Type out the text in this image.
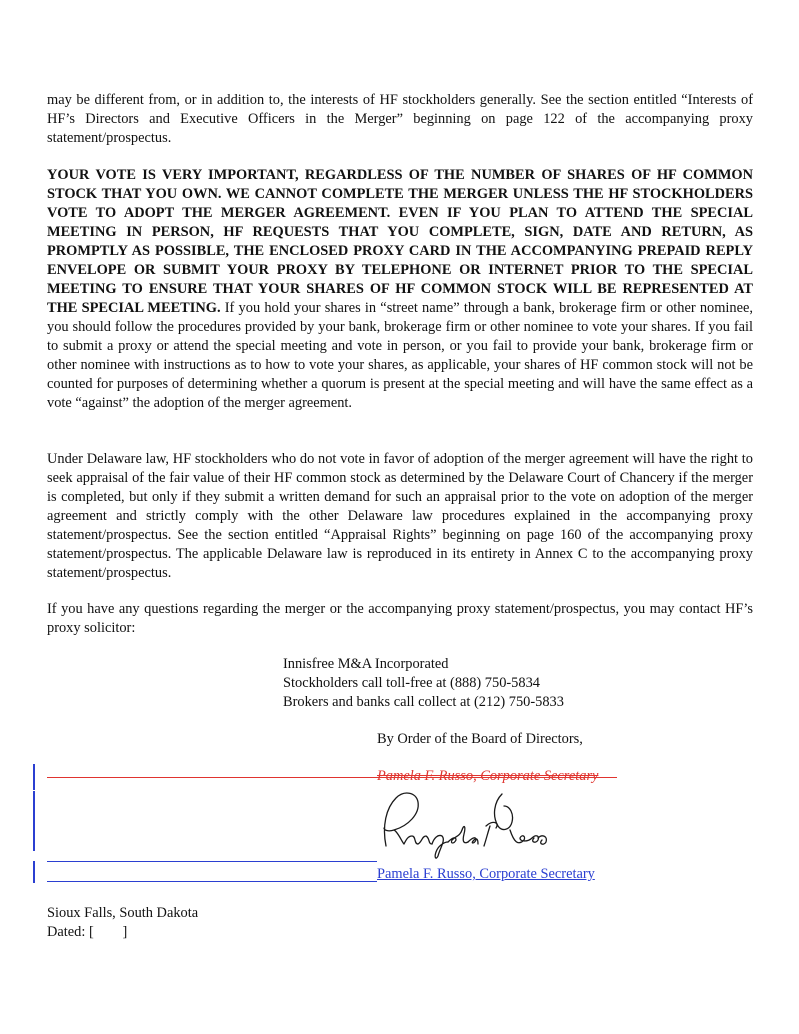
may be different from, or in addition to, the interests of HF stockholders generally. See the section entitled “Interests of HF’s Directors and Executive Officers in the Merger” beginning on page 122 of the accompanying proxy statement/prospectus.

YOUR VOTE IS VERY IMPORTANT, REGARDLESS OF THE NUMBER OF SHARES OF HF COMMON STOCK THAT YOU OWN. WE CANNOT COMPLETE THE MERGER UNLESS THE HF STOCKHOLDERS VOTE TO ADOPT THE MERGER AGREEMENT. EVEN IF YOU PLAN TO ATTEND THE SPECIAL MEETING IN PERSON, HF REQUESTS THAT YOU COMPLETE, SIGN, DATE AND RETURN, AS PROMPTLY AS POSSIBLE, THE ENCLOSED PROXY CARD IN THE ACCOMPANYING PREPAID REPLY ENVELOPE OR SUBMIT YOUR PROXY BY TELEPHONE OR INTERNET PRIOR TO THE SPECIAL MEETING TO ENSURE THAT YOUR SHARES OF HF COMMON STOCK WILL BE REPRESENTED AT THE SPECIAL MEETING. If you hold your shares in “street name” through a bank, brokerage firm or other nominee, you should follow the procedures provided by your bank, brokerage firm or other nominee to vote your shares. If you fail to submit a proxy or attend the special meeting and vote in person, or you fail to provide your bank, brokerage firm or other nominee with instructions as to how to vote your shares, as applicable, your shares of HF common stock will not be counted for purposes of determining whether a quorum is present at the special meeting and will have the same effect as a vote “against” the adoption of the merger agreement.

Under Delaware law, HF stockholders who do not vote in favor of adoption of the merger agreement will have the right to seek appraisal of the fair value of their HF common stock as determined by the Delaware Court of Chancery if the merger is completed, but only if they submit a written demand for such an appraisal prior to the vote on adoption of the merger agreement and strictly comply with the other Delaware law procedures explained in the accompanying proxy statement/prospectus. See the section entitled “Appraisal Rights” beginning on page 160 of the accompanying proxy statement/prospectus. The applicable Delaware law is reproduced in its entirety in Annex C to the accompanying proxy statement/prospectus.

If you have any questions regarding the merger or the accompanying proxy statement/prospectus, you may contact HF’s proxy solicitor:

Innisfree M&A Incorporated
Stockholders call toll-free at (888) 750-5834
Brokers and banks call collect at (212) 750-5833
By Order of the Board of Directors,
Pamela F. Russo, Corporate Secretary
Pamela F. Russo, Corporate Secretary
Sioux Falls, South Dakota
Dated: [        ]
